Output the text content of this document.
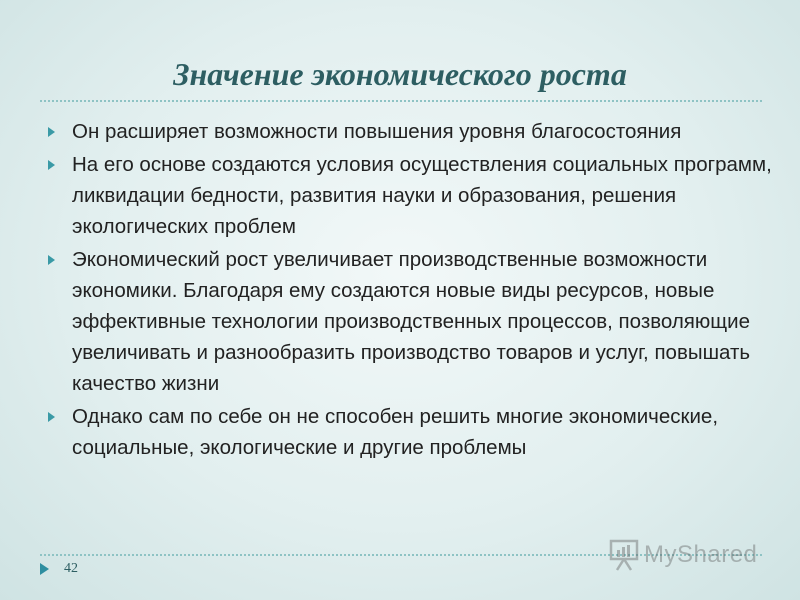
Значение экономического роста
Он расширяет возможности повышения уровня благосостояния
На его основе создаются условия осуществления социальных программ, ликвидации бедности, развития науки и образования, решения экологических проблем
Экономический рост увеличивает производственные возможности экономики. Благодаря ему создаются новые виды ресурсов, новые эффективные технологии производственных процессов, позволяющие увеличивать и разнообразить производство товаров и услуг, повышать качество жизни
Однако сам по себе он не способен решить многие экономические, социальные, экологические и другие проблемы
42
MyShared
